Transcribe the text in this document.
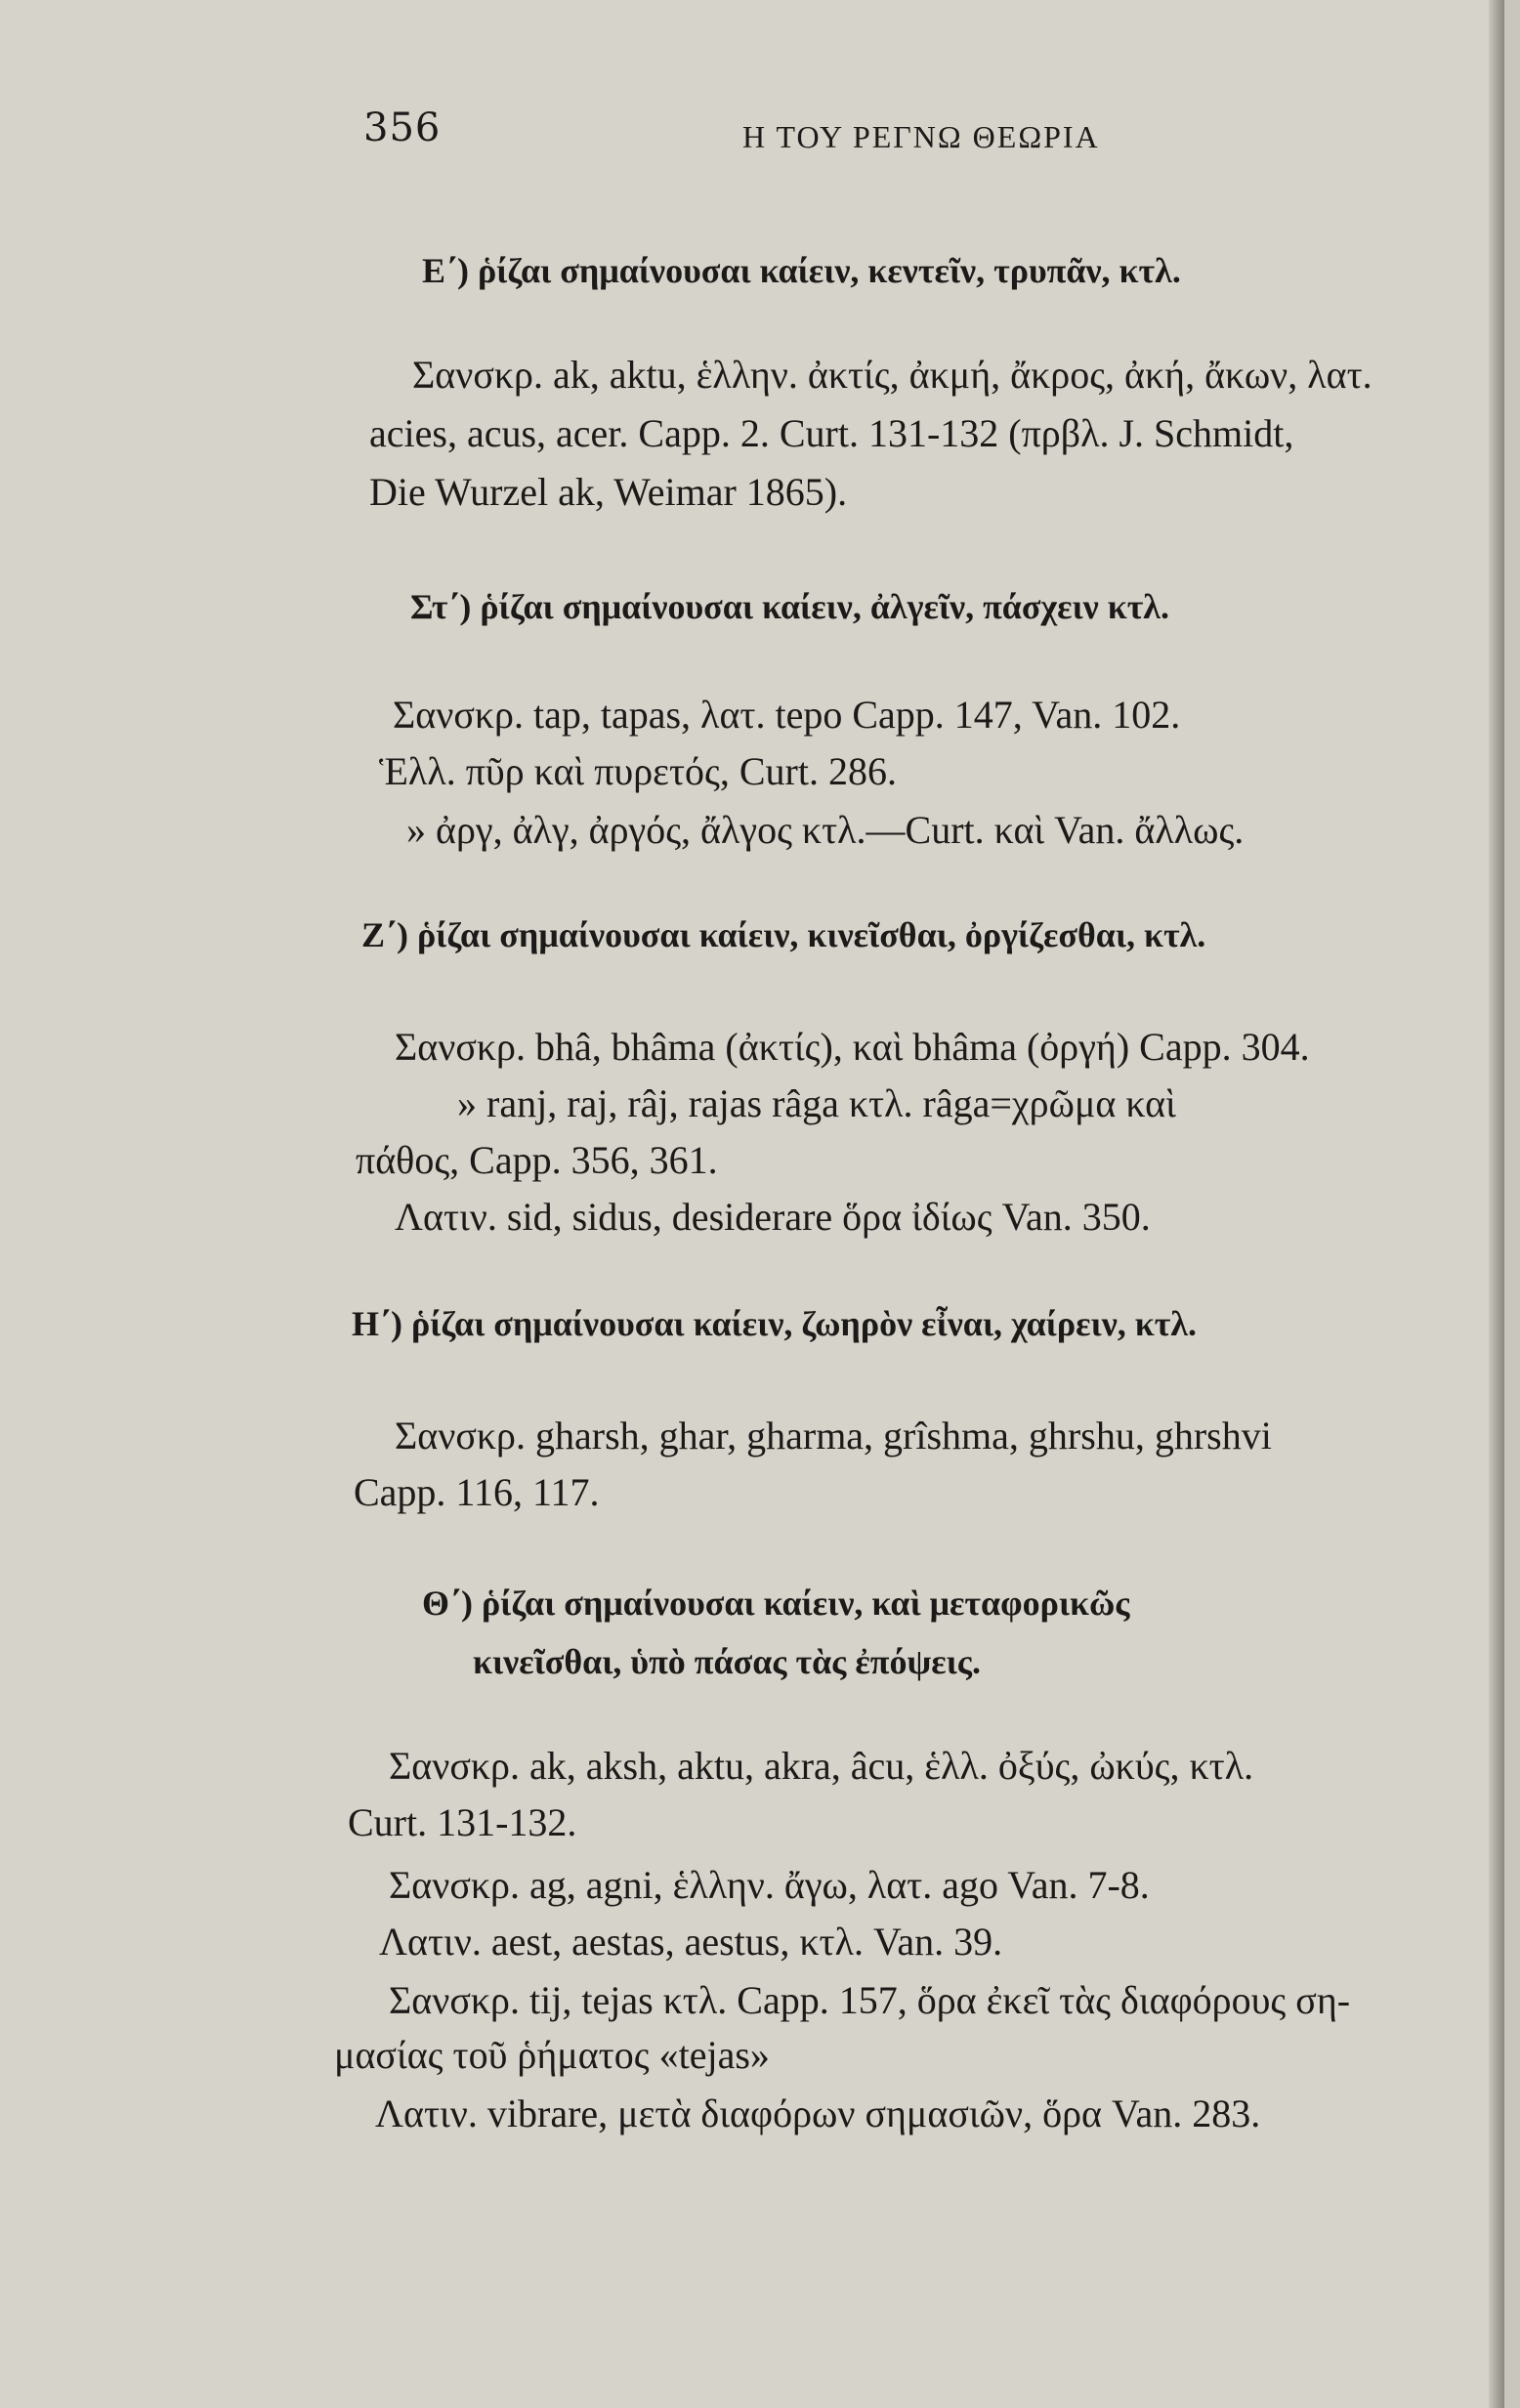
356	Η ΤΟΥ ΡΕΓΝΩ ΘΕΩΡΙΑ
Ε΄) ῥίζαι σημαίνουσαι καίειν, κεντεῖν, τρυπᾶν, κτλ.
Σανσκρ. ak, aktu, ἑλλην. ἀκτίς, ἀκμή, ἄκρος, ἀκή, ἄκων, λατ.
acies, acus, acer. Capp. 2. Curt. 131-132 (πρβλ. J. Schmidt,
Die Wurzel ak, Weimar 1865).
Στ΄) ῥίζαι σημαίνουσαι καίειν, ἀλγεῖν, πάσχειν κτλ.
Σανσκρ. tap, tapas, λατ. tepo Capp. 147, Van. 102.
Ἑλλ. πῦρ καὶ πυρετός, Curt. 286.
» ἀργ, ἀλγ, ἀργός, ἄλγος κτλ.—Curt. καὶ Van. ἄλλως.
Ζ΄) ῥίζαι σημαίνουσαι καίειν, κινεῖσθαι, ὀργίζεσθαι, κτλ.
Σανσκρ. bhâ, bhâma (ἀκτίς), καὶ bhâma (ὀργή) Capp. 304.
» ranj, raj, râj, rajas râga κτλ. râga=χρῶμα καὶ
πάθος, Capp. 356, 361.
Λατιν. sid, sidus, desiderare ὅρα ἰδίως Van. 350.
Η΄) ῥίζαι σημαίνουσαι καίειν, ζωηρὸν εἶναι, χαίρειν, κτλ.
Σανσκρ. gharsh, ghar, gharma, grîshma, ghrshu, ghrshvi
Capp. 116, 117.
Θ΄) ῥίζαι σημαίνουσαι καίειν, καὶ μεταφορικῶς
κινεῖσθαι, ὑπὸ πάσας τὰς ἐπόψεις.
Σανσκρ. ak, aksh, aktu, akra, âcu, ἑλλ. ὀξύς, ὠκύς, κτλ.
Curt. 131-132.
Σανσκρ. ag, agni, ἑλλην. ἄγω, λατ. ago Van. 7-8.
Λατιν. aest, aestas, aestus, κτλ. Van. 39.
Σανσκρ. tij, tejas κτλ. Capp. 157, ὅρα ἐκεῖ τὰς διαφόρους ση-
μασίας τοῦ ῥήματος «tejas»
Λατιν. vibrare, μετὰ διαφόρων σημασιῶν, ὅρα Van. 283.
